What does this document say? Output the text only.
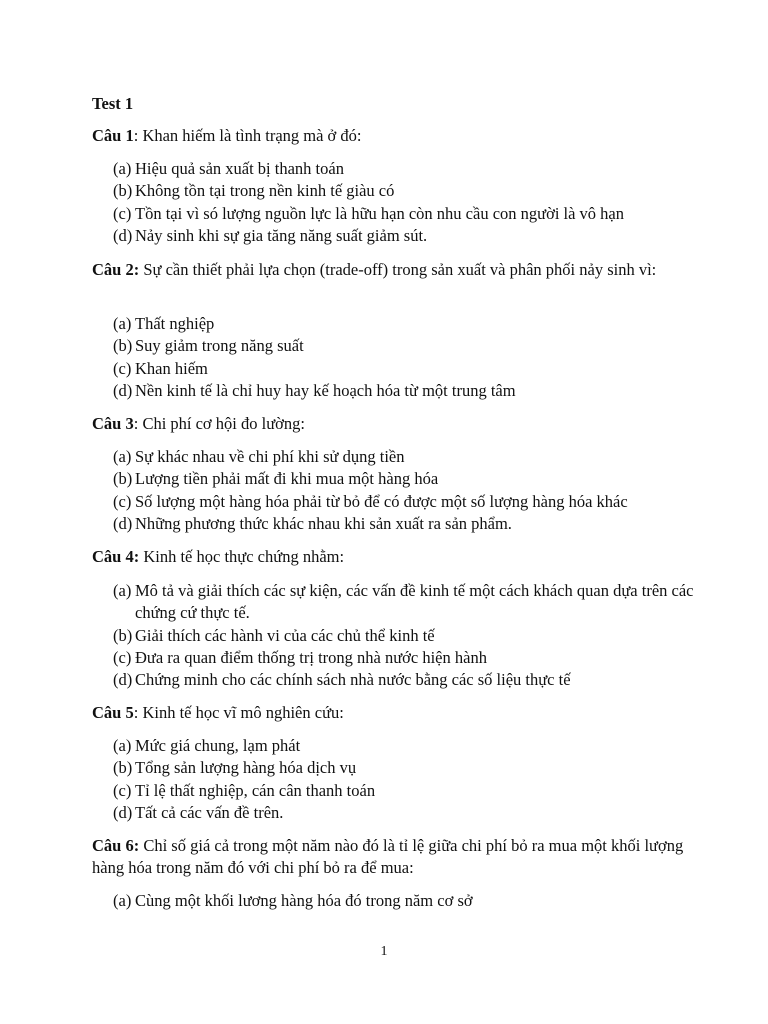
Test 1
Câu 1: Khan hiếm là tình trạng mà ở đó:
(a) Hiệu quả sản xuất bị thanh toán
(b) Không tồn tại trong nền kinh tế giàu có
(c) Tồn tại vì só lượng nguồn lực là hữu hạn còn nhu cầu con người là vô hạn
(d) Nảy sinh khi sự gia tăng năng suất giảm sút.
Câu 2: Sự cần thiết phải lựa chọn (trade-off) trong sản xuất và phân phối nảy sinh vì:
(a) Thất nghiệp
(b) Suy giảm trong năng suất
(c) Khan hiếm
(d) Nền kinh tế là chỉ huy hay kế hoạch hóa từ một trung tâm
Câu 3: Chi phí cơ hội đo lường:
(a) Sự khác nhau về chi phí khi sử dụng tiền
(b) Lượng tiền phải mất đi khi mua một hàng hóa
(c) Số lượng một hàng hóa phải từ bỏ để có được một số lượng hàng hóa khác
(d) Những phương thức khác nhau khi sản xuất ra sản phẩm.
Câu 4: Kinh tế học thực chứng nhằm:
(a) Mô tả và giải thích các sự kiện, các vấn đề kinh tế một cách khách quan dựa trên các chứng cứ thực tế.
(b) Giải thích các hành vi của các chủ thể kinh tế
(c) Đưa ra quan điểm thống trị trong nhà nước hiện hành
(d) Chứng minh cho các chính sách nhà nước bằng các số liệu thực tế
Câu 5: Kinh tế học vĩ mô nghiên cứu:
(a) Mức giá chung, lạm phát
(b) Tổng sản lượng hàng hóa dịch vụ
(c) Tỉ lệ thất nghiệp, cán cân thanh toán
(d) Tất cả các vấn đề trên.
Câu 6: Chỉ số giá cả trong một năm nào đó là tỉ lệ giữa chi phí bỏ ra mua một khối lượng hàng hóa trong năm đó với chi phí bỏ ra để mua:
(a) Cùng một khối lương hàng hóa đó trong năm cơ sở
1
